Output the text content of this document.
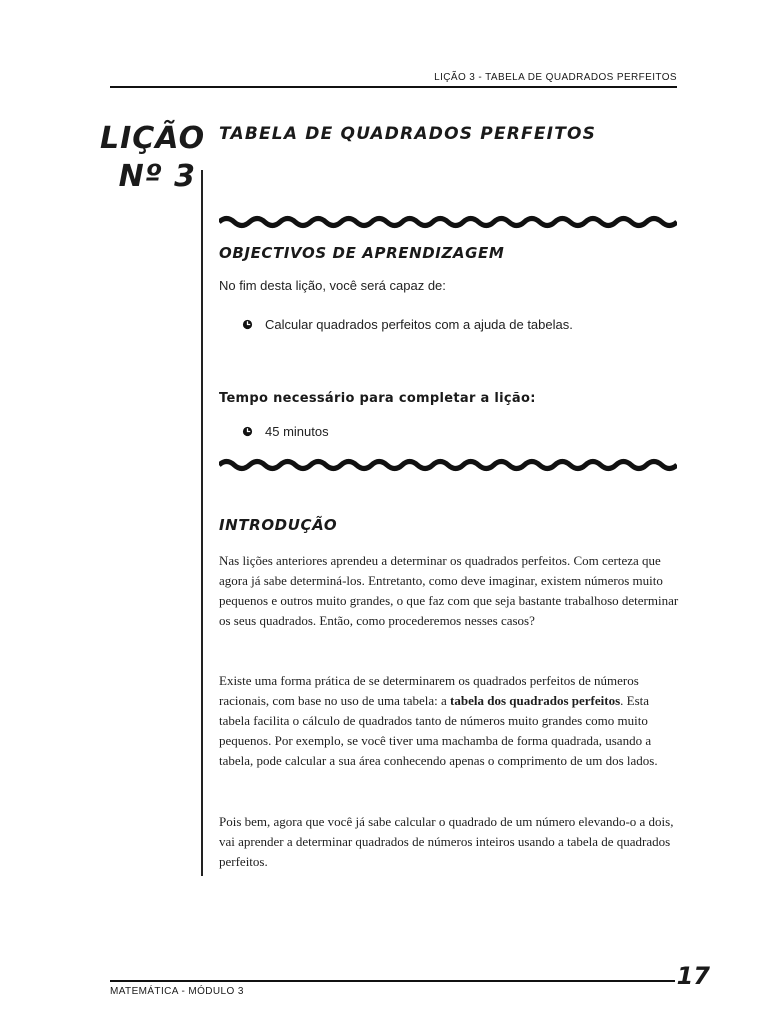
LIÇÃO 3 - TABELA DE QUADRADOS PERFEITOS
LIÇÃO
Nº 3
TABELA DE QUADRADOS PERFEITOS
OBJECTIVOS DE APRENDIZAGEM
No fim desta lição, você será capaz de:
Calcular quadrados perfeitos com a ajuda de tabelas.
Tempo necessário para completar a lição:
45 minutos
INTRODUÇÃO

Nas lições anteriores aprendeu a determinar os quadrados perfeitos. Com certeza que agora já sabe determiná-los. Entretanto, como deve imaginar, existem números muito pequenos e outros muito grandes, o que faz com que seja bastante trabalhoso determinar os seus quadrados. Então, como procederemos nesses casos?

Existe uma forma prática de se determinarem os quadrados perfeitos de números racionais, com base no uso de uma tabela: a tabela dos quadrados perfeitos. Esta tabela facilita o cálculo de quadrados tanto de números muito grandes como muito pequenos. Por exemplo, se você tiver uma machamba de forma quadrada, usando a tabela, pode calcular a sua área conhecendo apenas o comprimento de um dos lados.

Pois bem, agora que você já sabe calcular o quadrado de um número elevando-o a dois, vai aprender a determinar quadrados de números inteiros usando a tabela de quadrados perfeitos.

MATEMÁTICA - MÓDULO 3
17
